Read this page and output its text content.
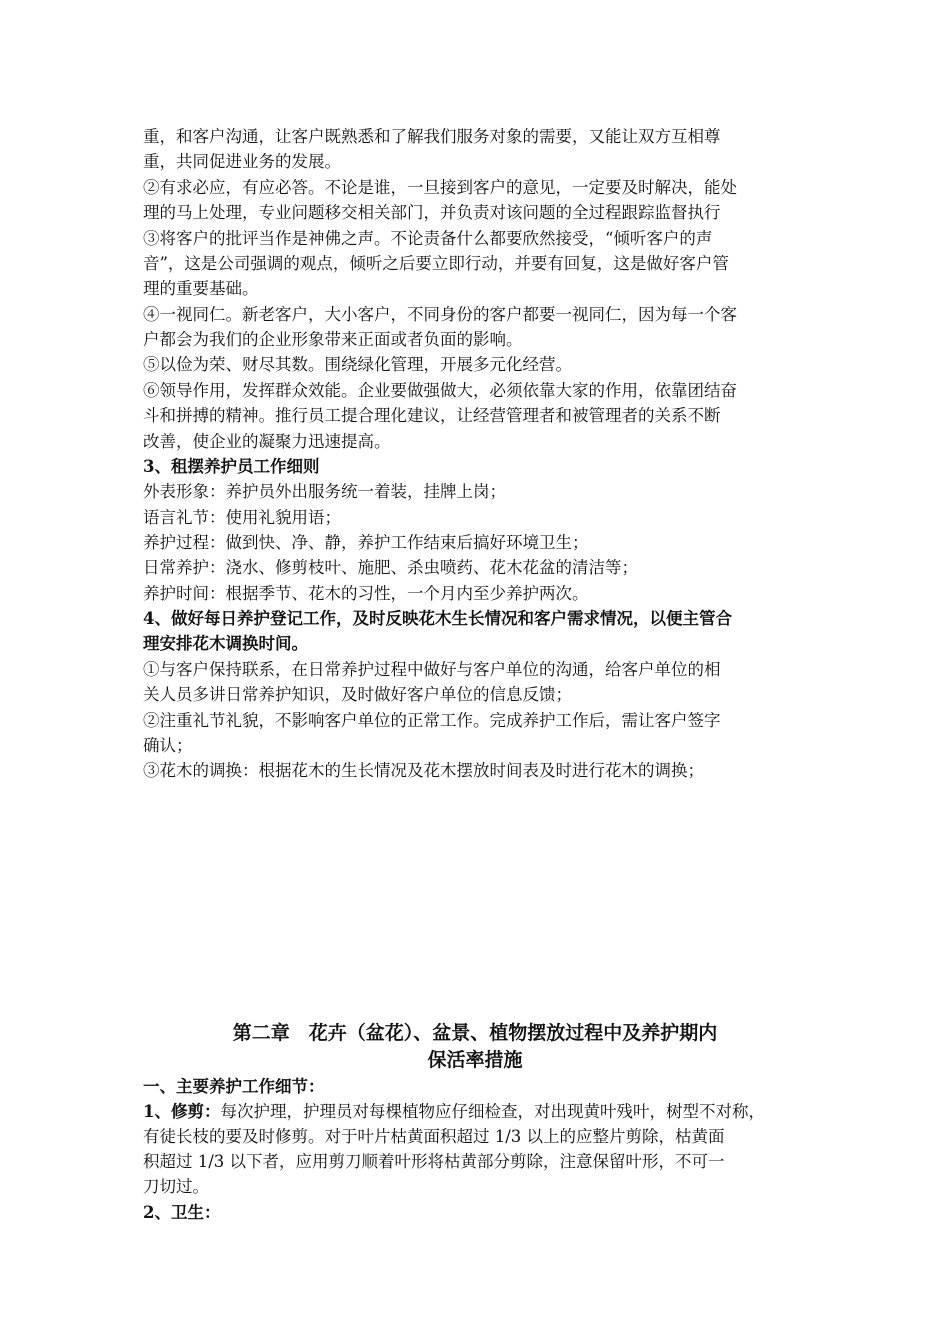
重，和客户沟通，让客户既熟悉和了解我们服务对象的需要，又能让双方互相尊
重，共同促进业务的发展。
②有求必应，有应必答。不论是谁，一旦接到客户的意见，一定要及时解决，能处
理的马上处理，专业问题移交相关部门，并负责对该问题的全过程跟踪监督执行
③将客户的批评当作是神佛之声。不论责备什么都要欣然接受，“倾听客户的声
音”，这是公司强调的观点，倾听之后要立即行动，并要有回复，这是做好客户管
理的重要基础。
④一视同仁。新老客户，大小客户，不同身份的客户都要一视同仁，因为每一个客
户都会为我们的企业形象带来正面或者负面的影响。
⑤以俭为荣、财尽其数。围绕绿化管理，开展多元化经营。
⑥领导作用，发挥群众效能。企业要做强做大，必须依靠大家的作用，依靠团结奋
斗和拼搏的精神。推行员工提合理化建议，让经营管理者和被管理者的关系不断
改善，使企业的凝聚力迅速提高。
3、租摆养护员工作细则
外表形象：养护员外出服务统一着装，挂牌上岗；
语言礼节：使用礼貌用语；
养护过程：做到快、净、静，养护工作结束后搞好环境卫生；
日常养护：浇水、修剪枝叶、施肥、杀虫喷药、花木花盆的清洁等；
养护时间：根据季节、花木的习性，一个月内至少养护两次。
4、做好每日养护登记工作，及时反映花木生长情况和客户需求情况，以便主管合
理安排花木调换时间。
①与客户保持联系，在日常养护过程中做好与客户单位的沟通，给客户单位的相
关人员多讲日常养护知识，及时做好客户单位的信息反馈；
②注重礼节礼貌，不影响客户单位的正常工作。完成养护工作后，需让客户签字
确认；
③花木的调换：根据花木的生长情况及花木摆放时间表及时进行花木的调换；
第二章　花卉（盆花）、盆景、植物摆放过程中及养护期内
保活率措施
一、主要养护工作细节：
1、修剪：每次护理，护理员对每棵植物应仔细检查，对出现黄叶残叶，树型不对称，
有徒长枝的要及时修剪。对于叶片枯黄面积超过 1/3 以上的应整片剪除，枯黄面
积超过 1/3 以下者，应用剪刀顺着叶形将枯黄部分剪除，注意保留叶形，不可一
刀切过。
2、卫生：
